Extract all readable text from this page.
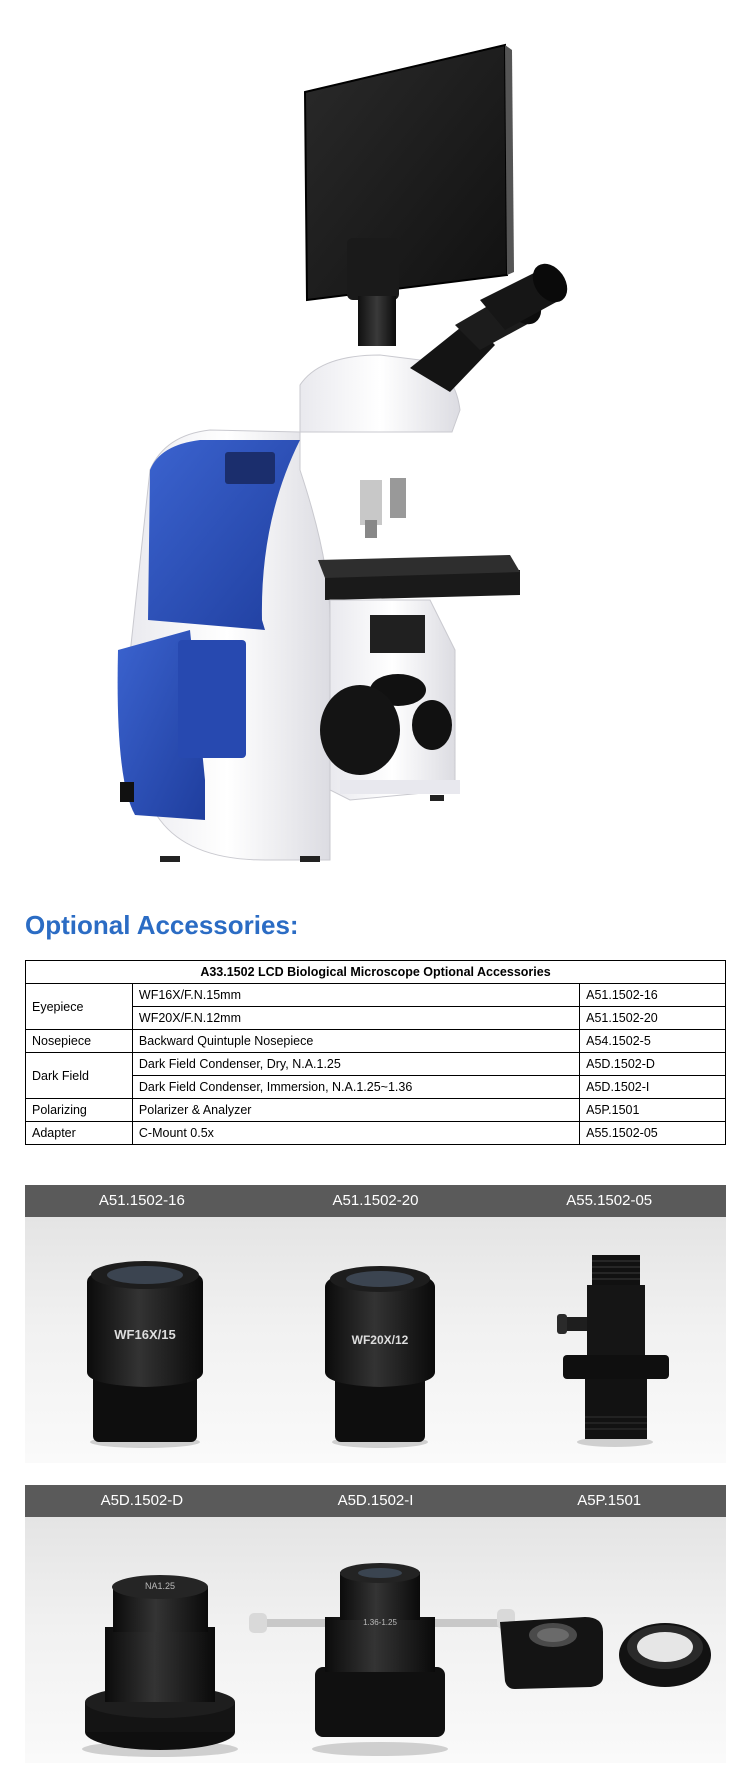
Optional Accessories:
A33.1502 LCD Biological Microscope Optional Accessories		
Eyepiece	WF16X/F.N.15mm	A51.1502-16
	WF20X/F.N.12mm	A51.1502-20
Nosepiece	Backward Quintuple Nosepiece	A54.1502-5
Dark Field	Dark Field Condenser, Dry, N.A.1.25	A5D.1502-D
	Dark Field Condenser, Immersion, N.A.1.25~1.36	A5D.1502-I
Polarizing	Polarizer & Analyzer	A5P.1501
Adapter	C-Mount 0.5x	A55.1502-05
A51.1502-16	A51.1502-20	A55.1502-05
WF16X/15	WF20X/12
A5D.1502-D	A5D.1502-I	A5P.1501
NA1.25
1.36-1.25
